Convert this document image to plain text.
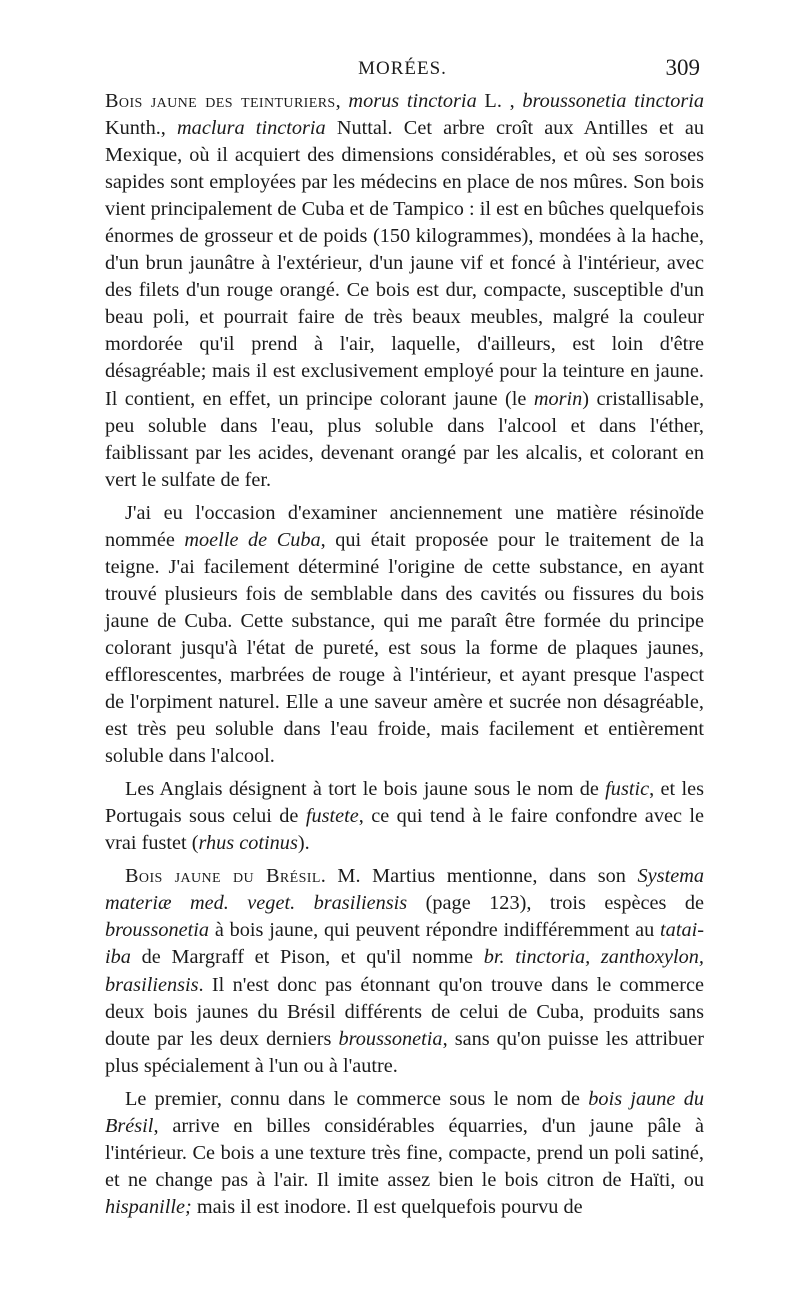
MORÉES.	309

Bois jaune des teinturiers, morus tinctoria L. , broussonetia tinctoria Kunth., maclura tinctoria Nuttal. Cet arbre croît aux Antilles et au Mexique, où il acquiert des dimensions considérables, et où ses soroses sapides sont employées par les médecins en place de nos mûres. Son bois vient principalement de Cuba et de Tampico : il est en bûches quelquefois énormes de grosseur et de poids (150 kilogrammes), mondées à la hache, d'un brun jaunâtre à l'extérieur, d'un jaune vif et foncé à l'intérieur, avec des filets d'un rouge orangé. Ce bois est dur, compacte, susceptible d'un beau poli, et pourrait faire de très beaux meubles, malgré la couleur mordorée qu'il prend à l'air, laquelle, d'ailleurs, est loin d'être désagréable; mais il est exclusivement employé pour la teinture en jaune. Il contient, en effet, un principe colorant jaune (le morin) cristallisable, peu soluble dans l'eau, plus soluble dans l'alcool et dans l'éther, faiblissant par les acides, devenant orangé par les alcalis, et colorant en vert le sulfate de fer.

J'ai eu l'occasion d'examiner anciennement une matière résinoïde nommée moelle de Cuba, qui était proposée pour le traitement de la teigne. J'ai facilement déterminé l'origine de cette substance, en ayant trouvé plusieurs fois de semblable dans des cavités ou fissures du bois jaune de Cuba. Cette substance, qui me paraît être formée du principe colorant jusqu'à l'état de pureté, est sous la forme de plaques jaunes, efflorescentes, marbrées de rouge à l'intérieur, et ayant presque l'aspect de l'orpiment naturel. Elle a une saveur amère et sucrée non désagréable, est très peu soluble dans l'eau froide, mais facilement et entièrement soluble dans l'alcool.

Les Anglais désignent à tort le bois jaune sous le nom de fustic, et les Portugais sous celui de fustete, ce qui tend à le faire confondre avec le vrai fustet (rhus cotinus).

Bois jaune du Brésil. M. Martius mentionne, dans son Systema materiæ med. veget. brasiliensis (page 123), trois espèces de broussonetia à bois jaune, qui peuvent répondre indifféremment au tatai-iba de Margraff et Pison, et qu'il nomme br. tinctoria, zanthoxylon, brasiliensis. Il n'est donc pas étonnant qu'on trouve dans le commerce deux bois jaunes du Brésil différents de celui de Cuba, produits sans doute par les deux derniers broussonetia, sans qu'on puisse les attribuer plus spécialement à l'un ou à l'autre.

Le premier, connu dans le commerce sous le nom de bois jaune du Brésil, arrive en billes considérables équarries, d'un jaune pâle à l'intérieur. Ce bois a une texture très fine, compacte, prend un poli satiné, et ne change pas à l'air. Il imite assez bien le bois citron de Haïti, ou hispanille; mais il est inodore. Il est quelquefois pourvu de
